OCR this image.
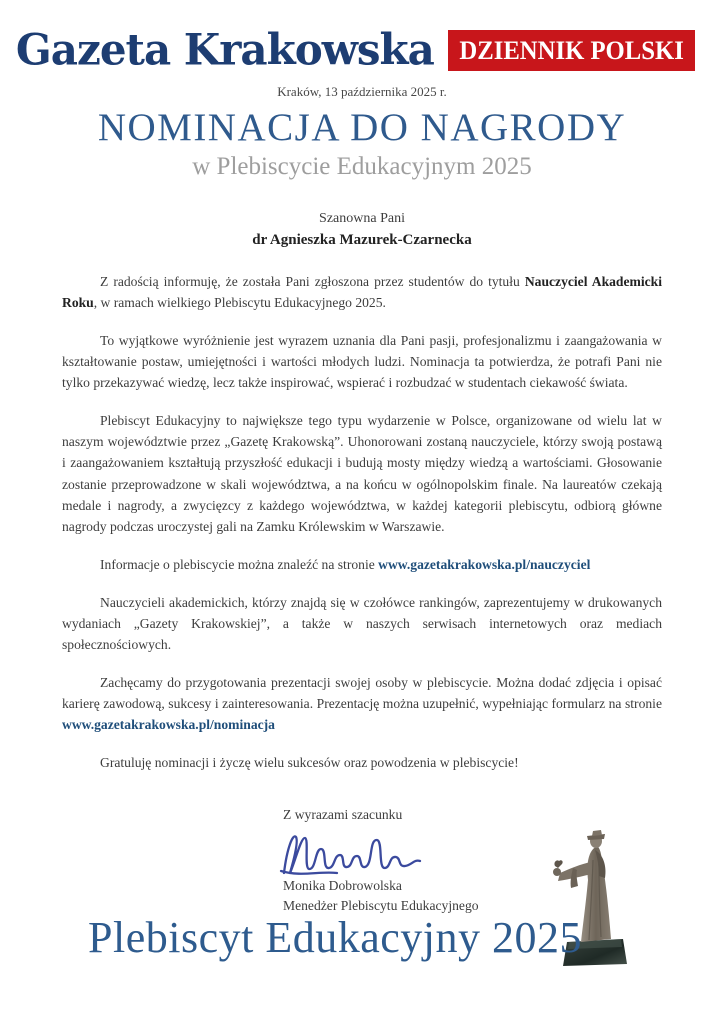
Gazeta Krakowska DZIENNIK POLSKI
Kraków, 13 października 2025 r.
NOMINACJA DO NAGRODY
w Plebiscycie Edukacyjnym 2025
Szanowna Pani
dr Agnieszka Mazurek-Czarnecka

Z radością informuję, że została Pani zgłoszona przez studentów do tytułu Nauczyciel Akademicki Roku, w ramach wielkiego Plebiscytu Edukacyjnego 2025.

To wyjątkowe wyróżnienie jest wyrazem uznania dla Pani pasji, profesjonalizmu i zaangażowania w kształtowanie postaw, umiejętności i wartości młodych ludzi. Nominacja ta potwierdza, że potrafi Pani nie tylko przekazywać wiedzę, lecz także inspirować, wspierać i rozbudzać w studentach ciekawość świata.

Plebiscyt Edukacyjny to największe tego typu wydarzenie w Polsce, organizowane od wielu lat w naszym województwie przez „Gazetę Krakowską”. Uhonorowani zostaną nauczyciele, którzy swoją postawą i zaangażowaniem kształtują przyszłość edukacji i budują mosty między wiedzą a wartościami. Głosowanie zostanie przeprowadzone w skali województwa, a na końcu w ogólnopolskim finale. Na laureatów czekają medale i nagrody, a zwycięzcy z każdego województwa, w każdej kategorii plebiscytu, odbiorą główne nagrody podczas uroczystej gali na Zamku Królewskim w Warszawie.

Informacje o plebiscycie można znaleźć na stronie www.gazetakrakowska.pl/nauczyciel

Nauczycieli akademickich, którzy znajdą się w czołówce rankingów, zaprezentujemy w drukowanych wydaniach „Gazety Krakowskiej”, a także w naszych serwisach internetowych oraz mediach społecznościowych.

Zachęcamy do przygotowania prezentacji swojej osoby w plebiscycie. Można dodać zdjęcia i opisać karierę zawodową, sukcesy i zainteresowania. Prezentację można uzupełnić, wypełniając formularz na stronie www.gazetakrakowska.pl/nominacja

Gratuluję nominacji i życzę wielu sukcesów oraz powodzenia w plebiscycie!

Z wyrazami szacunku
Monika Dobrowolska
Menedżer Plebiscytu Edukacyjnego
Plebiscyt Edukacyjny 2025
